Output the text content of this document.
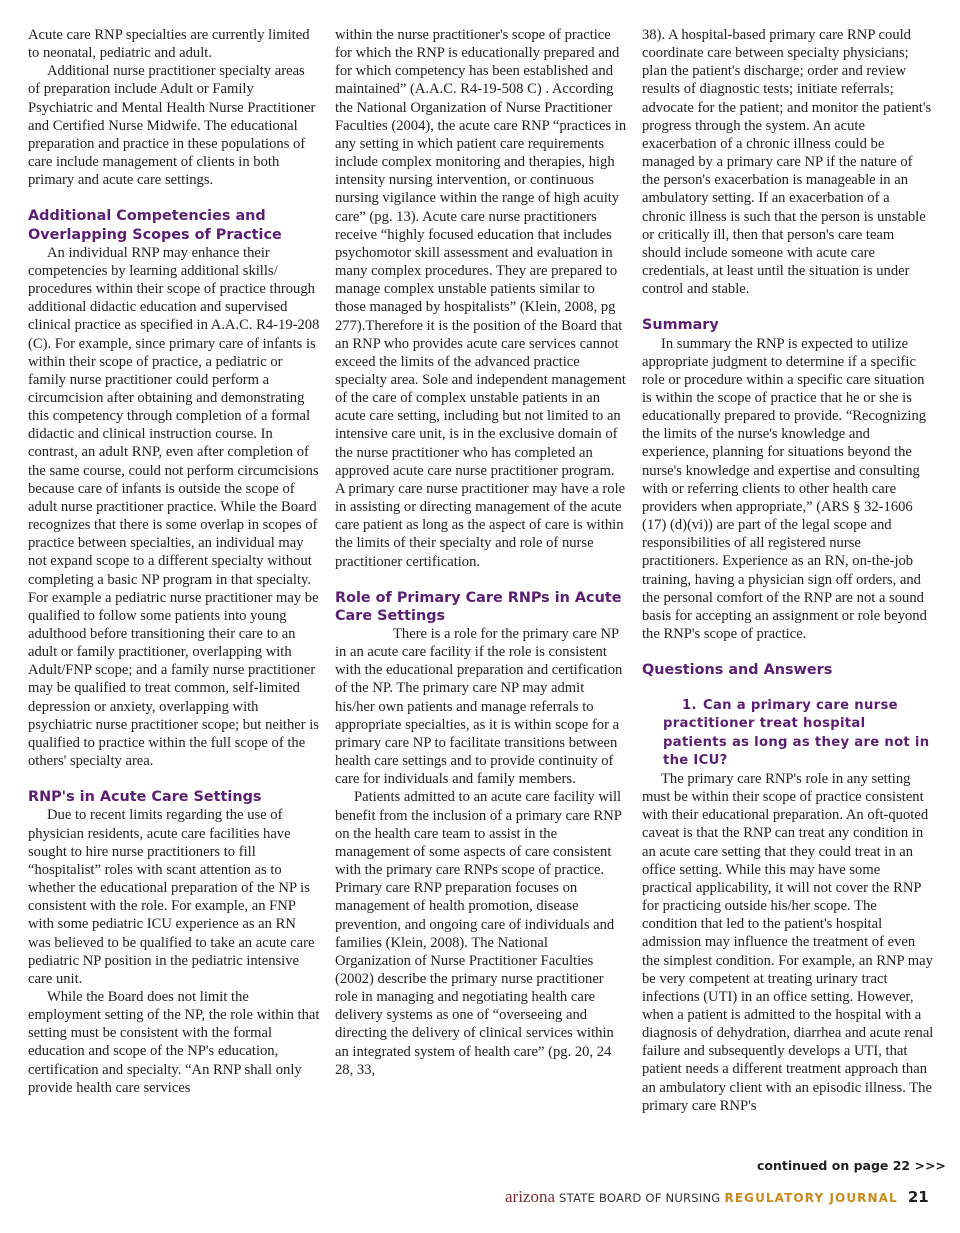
Acute care RNP specialties are currently limited to neonatal, pediatric and adult.

Additional nurse practitioner specialty areas of preparation include Adult or Family Psychiatric and Mental Health Nurse Practitioner and Certified Nurse Midwife. The educational preparation and practice in these populations of care include management of clients in both primary and acute care settings.

Additional Competencies and Overlapping Scopes of Practice

An individual RNP may enhance their competencies by learning additional skills/ procedures within their scope of practice through additional didactic education and supervised clinical practice as specified in A.A.C. R4-19-208 (C). For example, since primary care of infants is within their scope of practice, a pediatric or family nurse practitioner could perform a circumcision after obtaining and demonstrating this competency through completion of a formal didactic and clinical instruction course. In contrast, an adult RNP, even after completion of the same course, could not perform circumcisions because care of infants is outside the scope of adult nurse practitioner practice. While the Board recognizes that there is some overlap in scopes of practice between specialties, an individual may not expand scope to a different specialty without completing a basic NP program in that specialty. For example a pediatric nurse practitioner may be qualified to follow some patients into young adulthood before transitioning their care to an adult or family practitioner, overlapping with Adult/FNP scope; and a family nurse practitioner may be qualified to treat common, self-limited depression or anxiety, overlapping with psychiatric nurse practitioner scope; but neither is qualified to practice within the full scope of the others' specialty area.

RNP's in Acute Care Settings

Due to recent limits regarding the use of physician residents, acute care facilities have sought to hire nurse practitioners to fill “hospitalist” roles with scant attention as to whether the educational preparation of the NP is consistent with the role. For example, an FNP with some pediatric ICU experience as an RN was believed to be qualified to take an acute care pediatric NP position in the pediatric intensive care unit.

While the Board does not limit the employment setting of the NP, the role within that setting must be consistent with the formal education and scope of the NP's education, certification and specialty. “An RNP shall only provide health care services

within the nurse practitioner's scope of practice for which the RNP is educationally prepared and for which competency has been established and maintained” (A.A.C. R4-19-508 C) . According the National Organization of Nurse Practitioner Faculties (2004), the acute care RNP “practices in any setting in which patient care requirements include complex monitoring and therapies, high intensity nursing intervention, or continuous nursing vigilance within the range of high acuity care” (pg. 13). Acute care nurse practitioners receive “highly focused education that includes psychomotor skill assessment and evaluation in many complex procedures. They are prepared to manage complex unstable patients similar to those managed by hospitalists” (Klein, 2008, pg 277).Therefore it is the position of the Board that an RNP who provides acute care services cannot exceed the limits of the advanced practice specialty area. Sole and independent management of the care of complex unstable patients in an acute care setting, including but not limited to an intensive care unit, is in the exclusive domain of the nurse practitioner who has completed an approved acute care nurse practitioner program. A primary care nurse practitioner may have a role in assisting or directing management of the acute care patient as long as the aspect of care is within the limits of their specialty and role of nurse practitioner certification.

Role of Primary Care RNPs in Acute Care Settings

There is a role for the primary care NP in an acute care facility if the role is consistent with the educational preparation and certification of the NP. The primary care NP may admit his/her own patients and manage referrals to appropriate specialties, as it is within scope for a primary care NP to facilitate transitions between health care settings and to provide continuity of care for individuals and family members.

Patients admitted to an acute care facility will benefit from the inclusion of a primary care RNP on the health care team to assist in the management of some aspects of care consistent with the primary care RNPs scope of practice. Primary care RNP preparation focuses on management of health promotion, disease prevention, and ongoing care of individuals and families (Klein, 2008). The National Organization of Nurse Practitioner Faculties (2002) describe the primary nurse practitioner role in managing and negotiating health care delivery systems as one of “overseeing and directing the delivery of clinical services within an integrated system of health care” (pg. 20, 24 28, 33,

38). A hospital-based primary care RNP could coordinate care between specialty physicians; plan the patient's discharge; order and review results of diagnostic tests; initiate referrals; advocate for the patient; and monitor the patient's progress through the system. An acute exacerbation of a chronic illness could be managed by a primary care NP if the nature of the person's exacerbation is manageable in an ambulatory setting. If an exacerbation of a chronic illness is such that the person is unstable or critically ill, then that person's care team should include someone with acute care credentials, at least until the situation is under control and stable.

Summary

In summary the RNP is expected to utilize appropriate judgment to determine if a specific role or procedure within a specific care situation is within the scope of practice that he or she is educationally prepared to provide. “Recognizing the limits of the nurse's knowledge and experience, planning for situations beyond the nurse's knowledge and expertise and consulting with or referring clients to other health care providers when appropriate,” (ARS § 32-1606 (17) (d)(vi)) are part of the legal scope and responsibilities of all registered nurse practitioners. Experience as an RN, on-the-job training, having a physician sign off orders, and the personal comfort of the RNP are not a sound basis for accepting an assignment or role beyond the RNP's scope of practice.

Questions and Answers

1. Can a primary care nurse practitioner treat hospital patients as long as they are not in the ICU?

The primary care RNP's role in any setting must be within their scope of practice consistent with their educational preparation. An oft-quoted caveat is that the RNP can treat any condition in an acute care setting that they could treat in an office setting. While this may have some practical applicability, it will not cover the RNP for practicing outside his/her scope. The condition that led to the patient's hospital admission may influence the treatment of even the simplest condition. For example, an RNP may be very competent at treating urinary tract infections (UTI) in an office setting. However, when a patient is admitted to the hospital with a diagnosis of dehydration, diarrhea and acute renal failure and subsequently develops a UTI, that patient needs a different treatment approach than an ambulatory client with an episodic illness. The primary care RNP's

continued on page 22 >>>
arizona STATE BOARD OF NURSING REGULATORY JOURNAL 21
